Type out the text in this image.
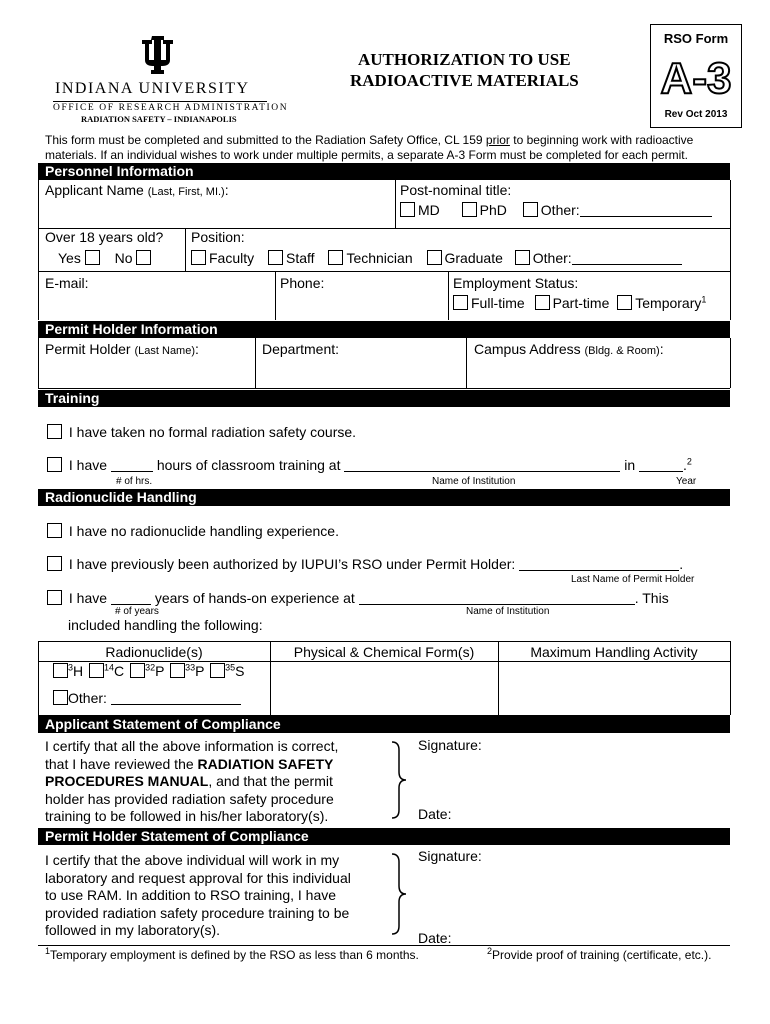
INDIANA UNIVERSITY
OFFICE OF RESEARCH ADMINISTRATION
RADIATION SAFETY – INDIANAPOLIS
AUTHORIZATION TO USE
RADIOACTIVE MATERIALS
RSO Form
A-3
Rev Oct 2013
This form must be completed and submitted to the Radiation Safety Office, CL 159 prior to beginning work with radioactive
materials. If an individual wishes to work under multiple permits, a separate A-3 Form must be completed for each permit.
Personnel Information
Applicant Name (Last, First, MI.):	Post-nominal title:
MD	PhD Other:
Over 18 years old?
Yes No
Position:
Faculty Staff Technician Graduate Other:
E-mail:	Phone:	Employment Status:
Full-time Part-time Temporary$^1$
Permit Holder Information
Permit Holder (Last Name):	Department:	Campus Address (Bldg. & Room):
Training
I have taken no formal radiation safety course.
I have	hours of classroom training at	in	.$^2$
# of hrs.	Name of Institution	Year
Radionuclide Handling
I have no radionuclide handling experience.
I have previously been authorized by IUPUI’s RSO under Permit Holder:	.
Last Name of Permit Holder
I have	years of hands-on experience at	. This
# of years	Name of Institution
included handling the following:
Radionuclide(s)	Physical & Chemical Form(s)	Maximum Handling Activity
$^3$H $^{14}$C $^{32}$P $^{33}$P $^{35}$S
Other:
Applicant Statement of Compliance
I certify that all the above information is correct,
that I have reviewed the RADIATION SAFETY
PROCEDURES MANUAL, and that the permit
holder has provided radiation safety procedure
training to be followed in his/her laboratory(s).
Signature:
Date:
Permit Holder Statement of Compliance
I certify that the above individual will work in my
laboratory and request approval for this individual
to use RAM. In addition to RSO training, I have
provided radiation safety procedure training to be
followed in my laboratory(s).
Signature:
Date:
$^1$Temporary employment is defined by the RSO as less than 6 months.	$^2$Provide proof of training (certificate, etc.).
